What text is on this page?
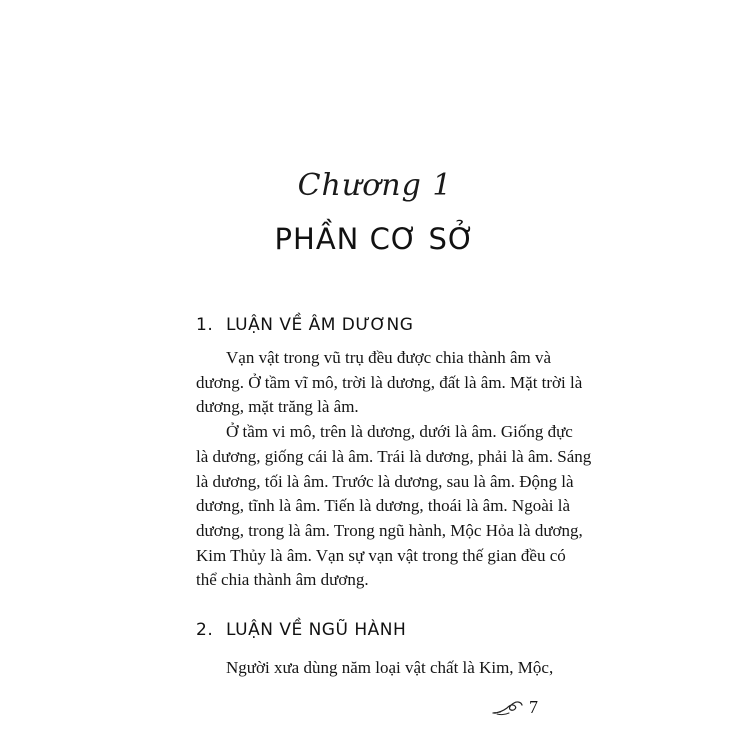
Chương 1
PHẦN CƠ SỞ
1. LUẬN VỀ ÂM DƯƠNG

Vạn vật trong vũ trụ đều được chia thành âm và
dương. Ở tầm vĩ mô, trời là dương, đất là âm. Mặt trời là
dương, mặt trăng là âm.

Ở tầm vi mô, trên là dương, dưới là âm. Giống đực
là dương, giống cái là âm. Trái là dương, phải là âm. Sáng
là dương, tối là âm. Trước là dương, sau là âm. Động là
dương, tĩnh là âm. Tiến là dương, thoái là âm. Ngoài là
dương, trong là âm. Trong ngũ hành, Mộc Hỏa là dương,
Kim Thủy là âm. Vạn sự vạn vật trong thế gian đều có
thể chia thành âm dương.

2. LUẬN VỀ NGŨ HÀNH

Người xưa dùng năm loại vật chất là Kim, Mộc,

7
